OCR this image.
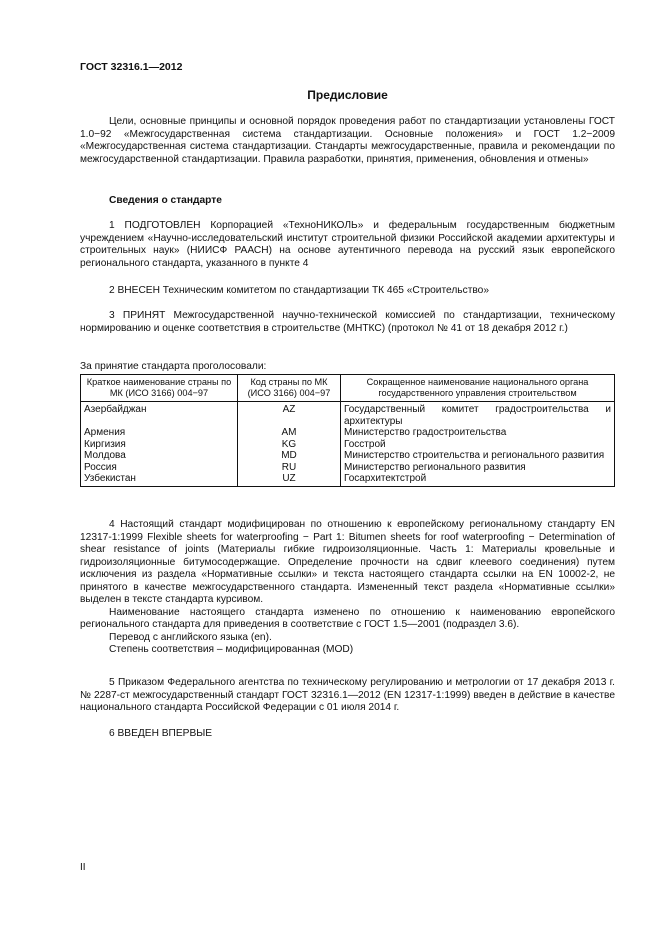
ГОСТ 32316.1—2012
Предисловие

Цели, основные принципы и основной порядок проведения работ по стандартизации установлены ГОСТ 1.0−92 «Межгосударственная система стандартизации. Основные положения» и ГОСТ 1.2−2009 «Межгосударственная система стандартизации. Стандарты межгосударственные, правила и рекомендации по межгосударственной стандартизации. Правила разработки, принятия, применения, обновления и отмены»

Сведения о стандарте

1 ПОДГОТОВЛЕН Корпорацией «ТехноНИКОЛЬ» и федеральным государственным бюджетным учреждением «Научно-исследовательский институт строительной физики Российской академии архитектуры и строительных наук» (НИИСФ РААСН) на основе аутентичного перевода на русский язык европейского регионального стандарта, указанного в пункте 4

2 ВНЕСЕН Техническим комитетом по стандартизации ТК 465 «Строительство»

3 ПРИНЯТ Межгосударственной научно-технической комиссией по стандартизации, техническому нормированию и оценке соответствия в строительстве (МНТКС) (протокол № 41 от 18 декабря 2012 г.)

За принятие стандарта проголосовали:

Краткое наименование страны по МК (ИСО 3166) 004−97	Код страны по МК (ИСО 3166) 004−97	Сокращенное наименование национального органа государственного управления строительством
Азербайджан	AZ	Государственный комитет градостроительства и архитектуры
Армения	AM	Министерство градостроительства
Киргизия	KG	Госстрой
Молдова	MD	Министерство строительства и регионального развития
Россия	RU	Министерство регионального развития
Узбекистан	UZ	Госархитектстрой

4 Настоящий стандарт модифицирован по отношению к европейскому региональному стандарту EN 12317-1:1999 Flexible sheets for waterproofing − Part 1: Bitumen sheets for roof waterproofing − Determination of shear resistance of joints (Материалы гибкие гидроизоляционные. Часть 1: Материалы кровельные и гидроизоляционные битумосодержащие. Определение прочности на сдвиг клеевого соединения) путем исключения из раздела «Нормативные ссылки» и текста настоящего стандарта ссылки на EN 10002-2, не принятого в качестве межгосударственного стандарта. Измененный текст раздела «Нормативные ссылки» выделен в тексте стандарта курсивом.

Наименование настоящего стандарта изменено по отношению к наименованию европейского регионального стандарта для приведения в соответствие с ГОСТ 1.5—2001 (подраздел 3.6).

Перевод с английского языка (en).

Степень соответствия – модифицированная (MOD)

5 Приказом Федерального агентства по техническому регулированию и метрологии от 17 декабря 2013 г. № 2287-ст межгосударственный стандарт ГОСТ 32316.1—2012 (EN 12317-1:1999) введен в действие в качестве национального стандарта Российской Федерации с 01 июля 2014 г.

6 ВВЕДЕН ВПЕРВЫЕ

II
